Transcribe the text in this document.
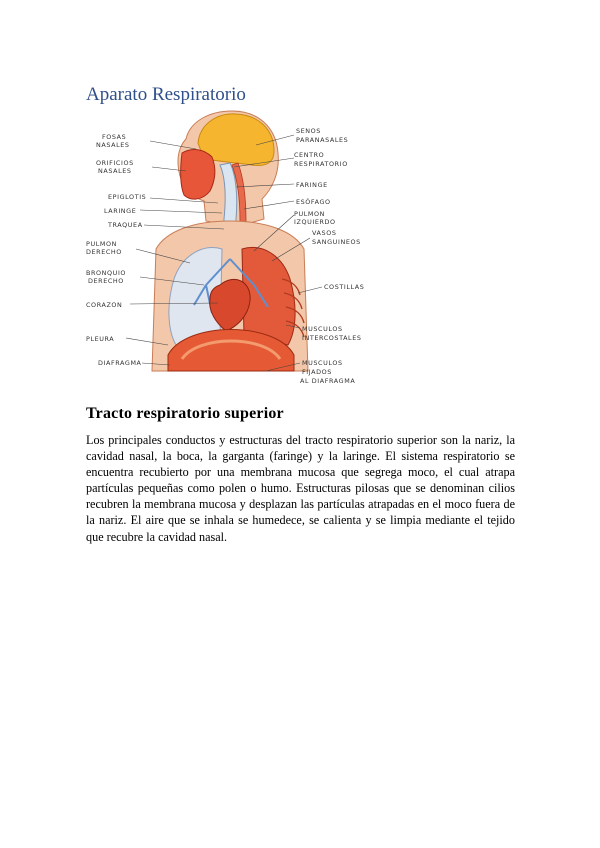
Aparato Respiratorio
FOSAS
NASALES
ORIFICIOS
NASALES
EPIGLOTIS
LARINGE
TRAQUEA
PULMON
DERECHO
BRONQUIO
DERECHO
CORAZON
PLEURA
DIAFRAGMA
SENOS
PARANASALES
CENTRO
RESPIRATORIO
FARINGE
ESÓFAGO
PULMON
IZQUIERDO
VASOS
SANGUINEOS
COSTILLAS
MUSCULOS
INTERCOSTALES
MUSCULOS
FIJADOS
AL DIAFRAGMA
Tracto respiratorio superior

Los principales conductos y estructuras del tracto respiratorio superior son la nariz, la cavidad nasal, la boca, la garganta (faringe) y la laringe. El sistema respiratorio se encuentra recubierto por una membrana mucosa que segrega moco, el cual atrapa partículas pequeñas como polen o humo. Estructuras pilosas que se denominan cilios recubren la membrana mucosa y desplazan las partículas atrapadas en el moco fuera de la nariz. El aire que se inhala se humedece, se calienta y se limpia mediante el tejido que recubre la cavidad nasal.
